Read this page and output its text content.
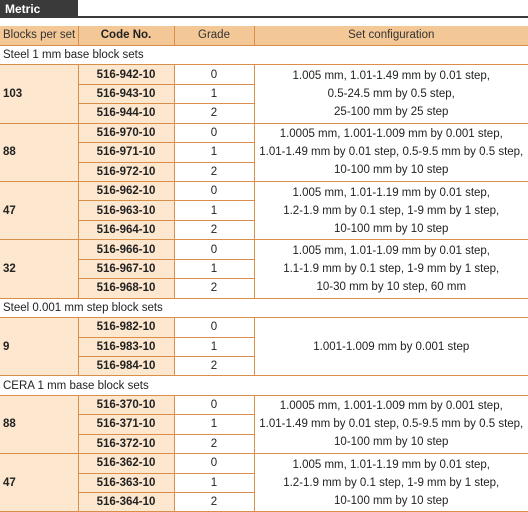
Metric
Blocks per set	Code No.	Grade	Set configuration
Steel 1 mm base block sets			
103	516-942-10	0	1.005 mm, 1.01-1.49 mm by 0.01 step,
0.5-24.5 mm by 0.5 step,
25-100 mm by 25 step

	516-943-10	1	
	516-944-10	2	
88	516-970-10	0	1.0005 mm, 1.001-1.009 mm by 0.001 step,
1.01-1.49 mm by 0.01 step, 0.5-9.5 mm by 0.5 step,
10-100 mm by 10 step

	516-971-10	1	
	516-972-10	2	
47	516-962-10	0	1.005 mm, 1.01-1.19 mm by 0.01 step,
1.2-1.9 mm by 0.1 step, 1-9 mm by 1 step,
10-100 mm by 10 step

	516-963-10	1	
	516-964-10	2	
32	516-966-10	0	1.005 mm, 1.01-1.09 mm by 0.01 step,
1.1-1.9 mm by 0.1 step, 1-9 mm by 1 step,
10-30 mm by 10 step, 60 mm

	516-967-10	1	
	516-968-10	2	
Steel 0.001 mm step block sets			
9	516-982-10	0	1.001-1.009 mm by 0.001 step

	516-983-10	1	
	516-984-10	2	
CERA 1 mm base block sets			
88	516-370-10	0	1.0005 mm, 1.001-1.009 mm by 0.001 step,
1.01-1.49 mm by 0.01 step, 0.5-9.5 mm by 0.5 step,
10-100 mm by 10 step

	516-371-10	1	
	516-372-10	2	
47	516-362-10	0	1.005 mm, 1.01-1.19 mm by 0.01 step,
1.2-1.9 mm by 0.1 step, 1-9 mm by 1 step,
10-100 mm by 10 step

	516-363-10	1	
	516-364-10	2	
